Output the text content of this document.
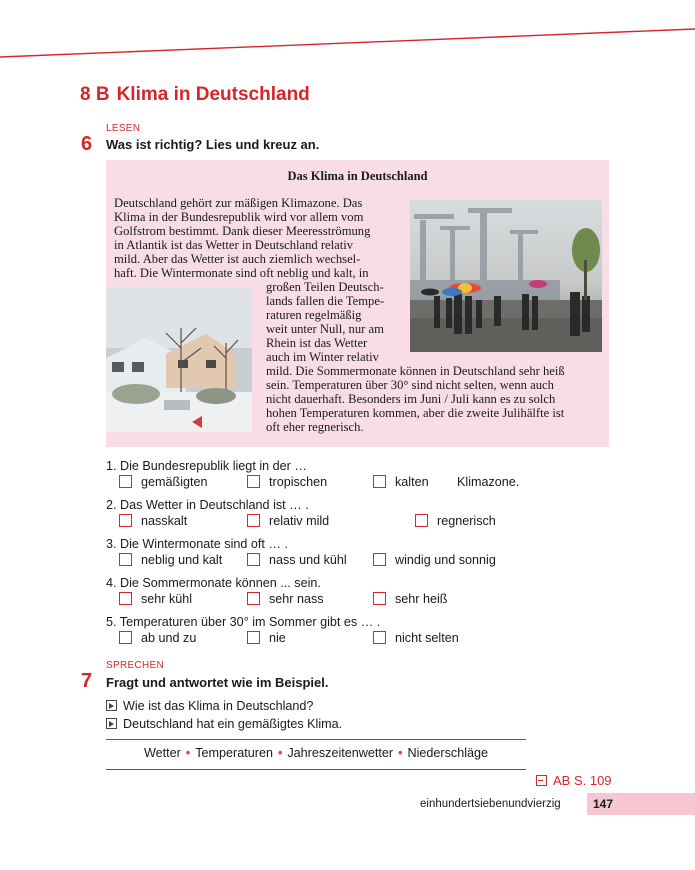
8 B Klima in Deutschland
LESEN
6 Was ist richtig? Lies und kreuz an.
Das Klima in Deutschland
Deutschland gehört zur mäßigen Klimazone. Das
Klima in der Bundesrepublik wird vor allem vom
Golfstrom bestimmt. Dank dieser Meeresströmung
in Atlantik ist das Wetter in Deutschland relativ
mild. Aber das Wetter ist auch ziemlich wechsel-
haft. Die Wintermonate sind oft neblig und kalt, in
großen Teilen Deutsch-
lands fallen die Tempe-
raturen regelmäßig
weit unter Null, nur am
Rhein ist das Wetter
auch im Winter relativ
mild. Die Sommermonate können in Deutschland sehr heiß
sein. Temperaturen über 30° sind nicht selten, wenn auch
nicht dauerhaft. Besonders im Juni / Juli kann es zu solch
hohen Temperaturen kommen, aber die zweite Julihälfte ist
oft eher regnerisch.
1. Die Bundesrepublik liegt in der …
gemäßigten	tropischen	kalten Klimazone.
2. Das Wetter in Deutschland ist … .
nasskalt	relativ mild	regnerisch
3. Die Wintermonate sind oft … .
neblig und kalt	nass und kühl	windig und sonnig
4. Die Sommermonate können ... sein.
sehr kühl	sehr nass	sehr heiß
5. Temperaturen über 30° im Sommer gibt es … .
ab und zu	nie	nicht selten
SPRECHEN
7 Fragt und antwortet wie im Beispiel.
Wie ist das Klima in Deutschland?
Deutschland hat ein gemäßigtes Klima.
Wetter • Temperaturen • Jahreszeitenwetter • Niederschläge
AB S. 109
einhundertsiebenundvierzig	147
